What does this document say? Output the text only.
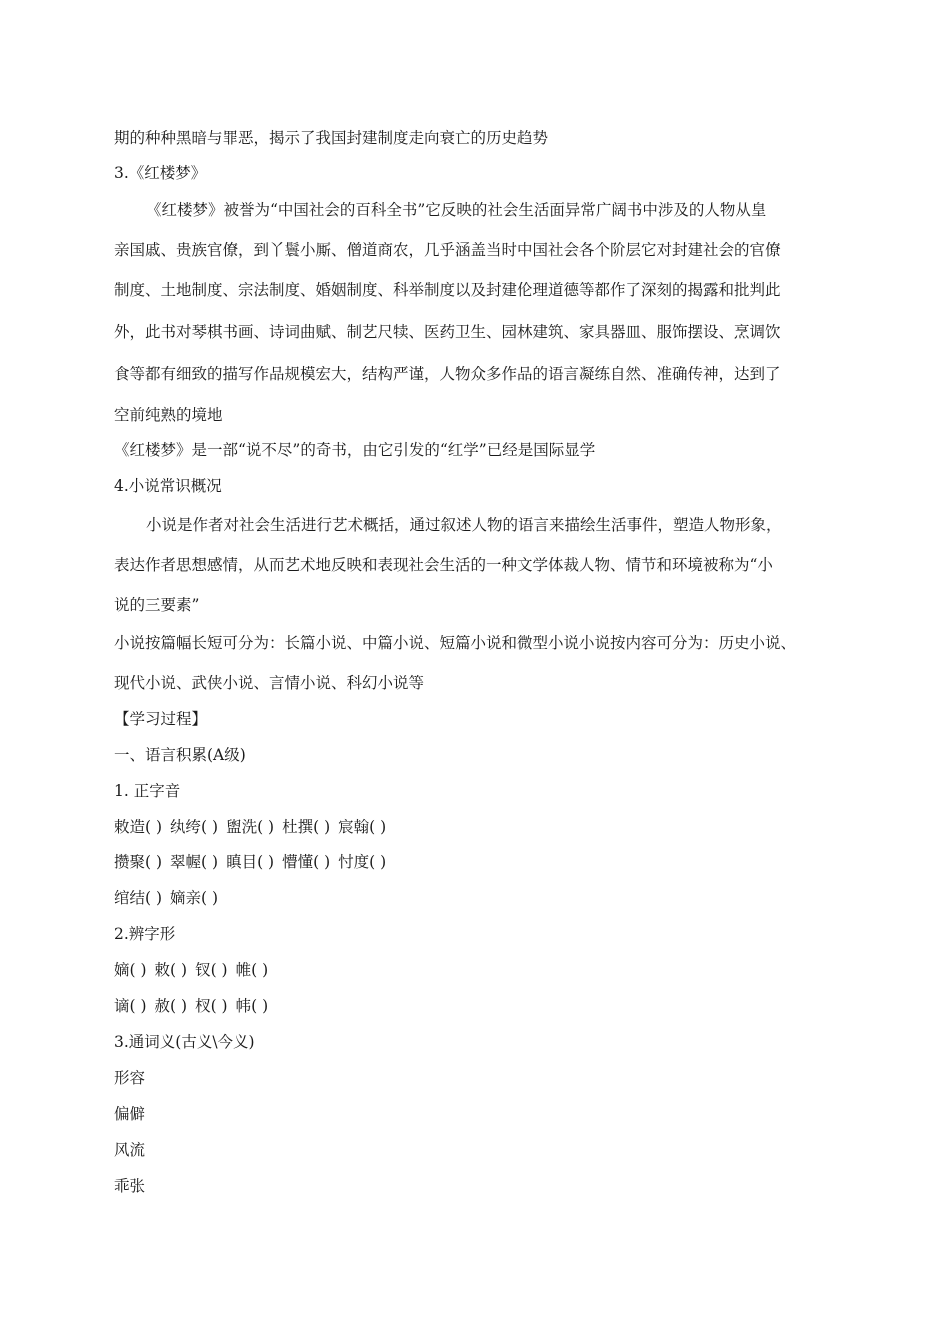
期的种种黑暗与罪恶，揭示了我国封建制度走向衰亡的历史趋势
3.《红楼梦》
《红楼梦》被誉为“中国社会的百科全书”它反映的社会生活面异常广阔书中涉及的人物从皇
亲国戚、贵族官僚，到丫鬟小厮、僧道商农，几乎涵盖当时中国社会各个阶层它对封建社会的官僚
制度、土地制度、宗法制度、婚姻制度、科举制度以及封建伦理道德等都作了深刻的揭露和批判此
外，此书对琴棋书画、诗词曲赋、制艺尺犊、医药卫生、园林建筑、家具器皿、服饰摆设、烹调饮
食等都有细致的描写作品规模宏大，结构严谨，人物众多作品的语言凝练自然、准确传神，达到了
空前纯熟的境地
《红楼梦》是一部“说不尽”的奇书，由它引发的“红学”已经是国际显学
4.小说常识概况
小说是作者对社会生活进行艺术概括，通过叙述人物的语言来描绘生活事件，塑造人物形象，
表达作者思想感情，从而艺术地反映和表现社会生活的一种文学体裁人物、情节和环境被称为“小
说的三要素”
小说按篇幅长短可分为：长篇小说、中篇小说、短篇小说和微型小说小说按内容可分为：历史小说、
现代小说、武侠小说、言情小说、科幻小说等
【学习过程】
一、语言积累(A级)
1. 正字音
敕造( ) 纨绔( ) 盥洗( ) 杜撰( ) 宸翰( )
攒聚( ) 翠幄( ) 瞋目( ) 懵懂( ) 忖度( )
绾结( ) 嫡亲( )
2.辨字形
嫡( ) 敕( ) 钗( ) 帷( )
谪( ) 赦( ) 杈( ) 帏( )
3.通词义(古义\今义)
形容
偏僻
风流
乖张
